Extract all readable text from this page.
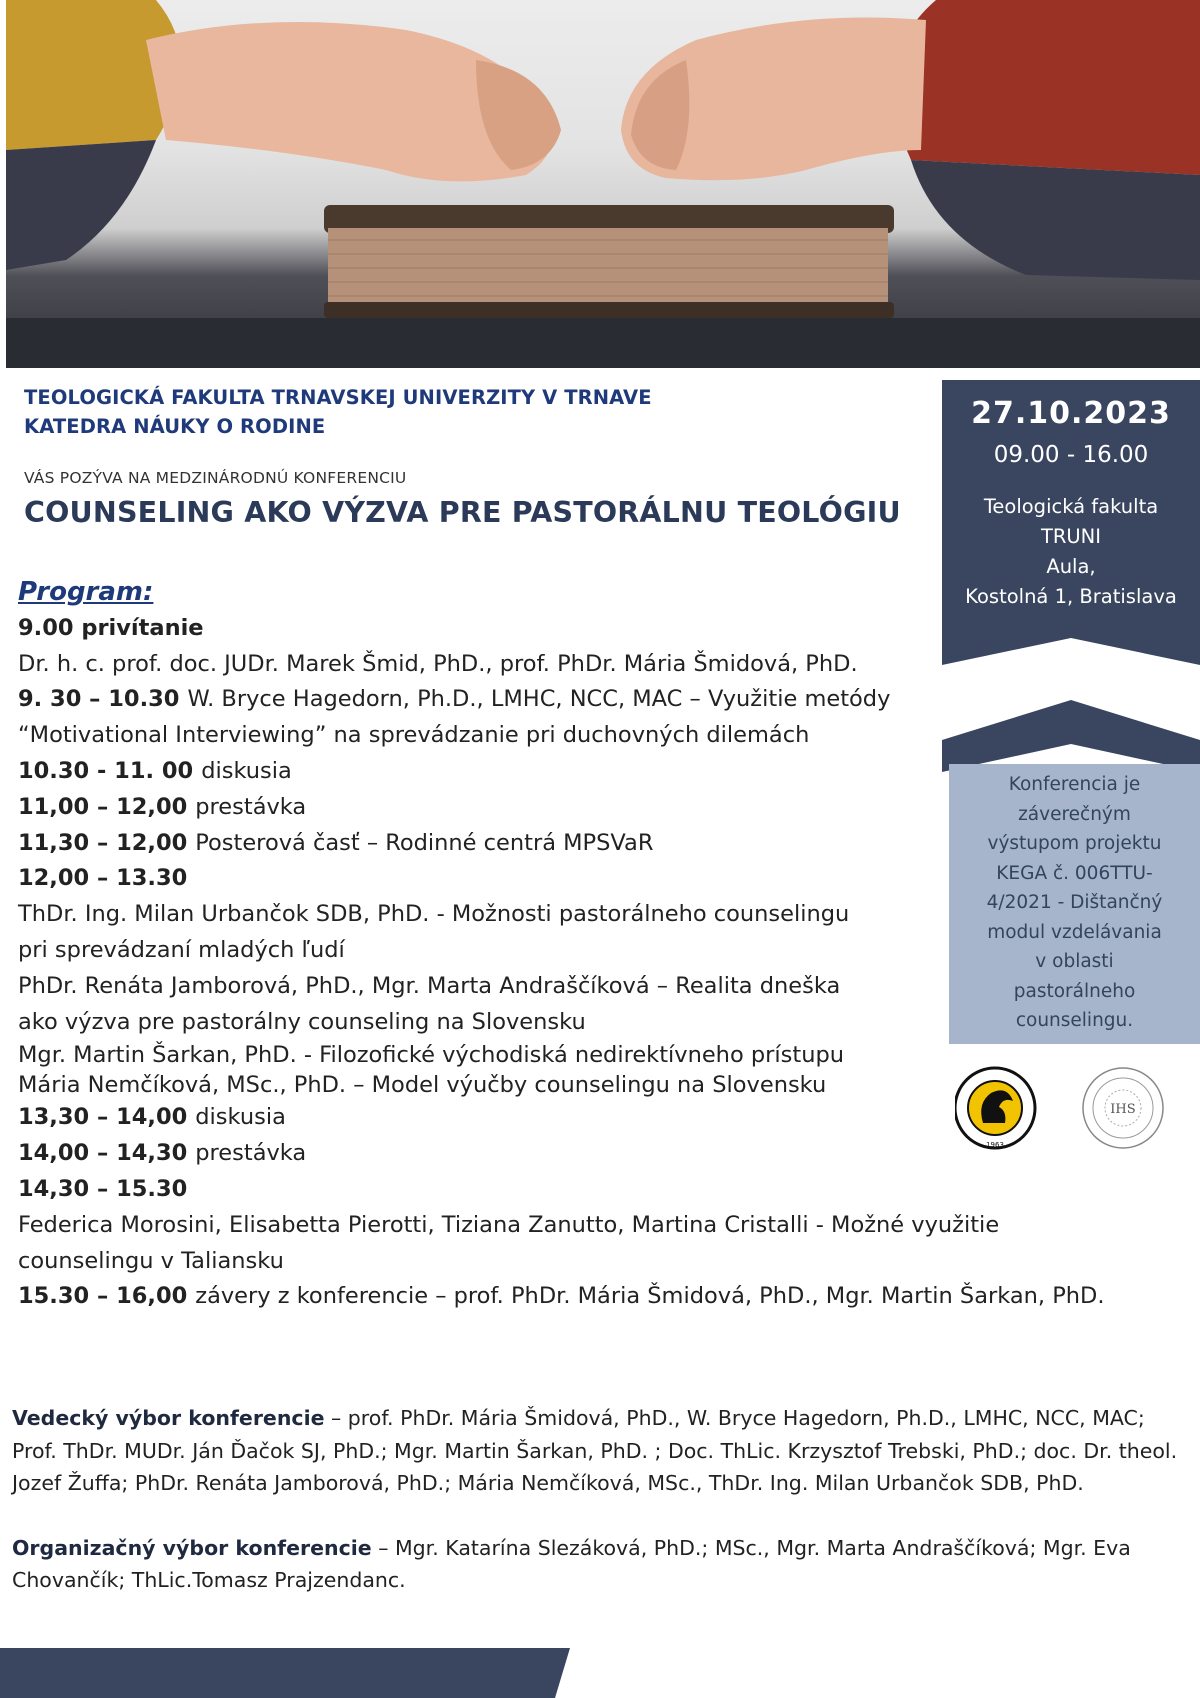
TEOLOGICKÁ FAKULTA TRNAVSKEJ UNIVERZITY V TRNAVE
KATEDRA NÁUKY O RODINE
VÁS POZÝVA NA MEDZINÁRODNÚ KONFERENCIU
COUNSELING AKO VÝZVA PRE PASTORÁLNU TEOLÓGIU
27.10.2023
09.00 - 16.00
Teologická fakulta
TRUNI
Aula,
Kostolná 1, Bratislava
Konferencia je
záverečným
výstupom projektu
KEGA č. 006TTU-
4/2021 - Dištančný
modul vzdelávania
v oblasti
pastorálneho
counselingu.
1963
IHS
Program:
9.00 privítanie
Dr. h. c. prof. doc. JUDr. Marek Šmid, PhD., prof. PhDr. Mária Šmidová, PhD.
9. 30 – 10.30 W. Bryce Hagedorn, Ph.D., LMHC, NCC, MAC – Využitie metódy
“Motivational Interviewing” na sprevádzanie pri duchovných dilemách
10.30 - 11. 00 diskusia
11,00 – 12,00 prestávka
11,30 – 12,00 Posterová časť – Rodinné centrá MPSVaR
12,00 – 13.30
ThDr. Ing. Milan Urbančok SDB, PhD. - Možnosti pastorálneho counselingu
pri sprevádzaní mladých ľudí
PhDr. Renáta Jamborová, PhD., Mgr. Marta Andraščíková – Realita dneška
ako výzva pre pastorálny counseling na Slovensku
Mgr. Martin Šarkan, PhD. - Filozofické východiská nedirektívneho prístupu
Mária Nemčíková, MSc., PhD. – Model výučby counselingu na Slovensku
13,30 – 14,00 diskusia
14,00 – 14,30 prestávka
14,30 – 15.30
Federica Morosini, Elisabetta Pierotti, Tiziana Zanutto, Martina Cristalli - Možné využitie
counselingu v Taliansku
15.30 – 16,00 závery z konferencie – prof. PhDr. Mária Šmidová, PhD., Mgr. Martin Šarkan, PhD.
Vedecký výbor konferencie – prof. PhDr. Mária Šmidová, PhD., W. Bryce Hagedorn, Ph.D., LMHC, NCC, MAC; Prof. ThDr. MUDr. Ján Ďačok SJ, PhD.; Mgr. Martin Šarkan, PhD. ; Doc. ThLic. Krzysztof Trebski, PhD.; doc. Dr. theol. Jozef Žuffa; PhDr. Renáta Jamborová, PhD.; Mária Nemčíková, MSc., ThDr. Ing. Milan Urbančok SDB, PhD.
Organizačný výbor konferencie – Mgr. Katarína Slezáková, PhD.; MSc., Mgr. Marta Andraščíková; Mgr. Eva Chovančík; ThLic.Tomasz Prajzendanc.
